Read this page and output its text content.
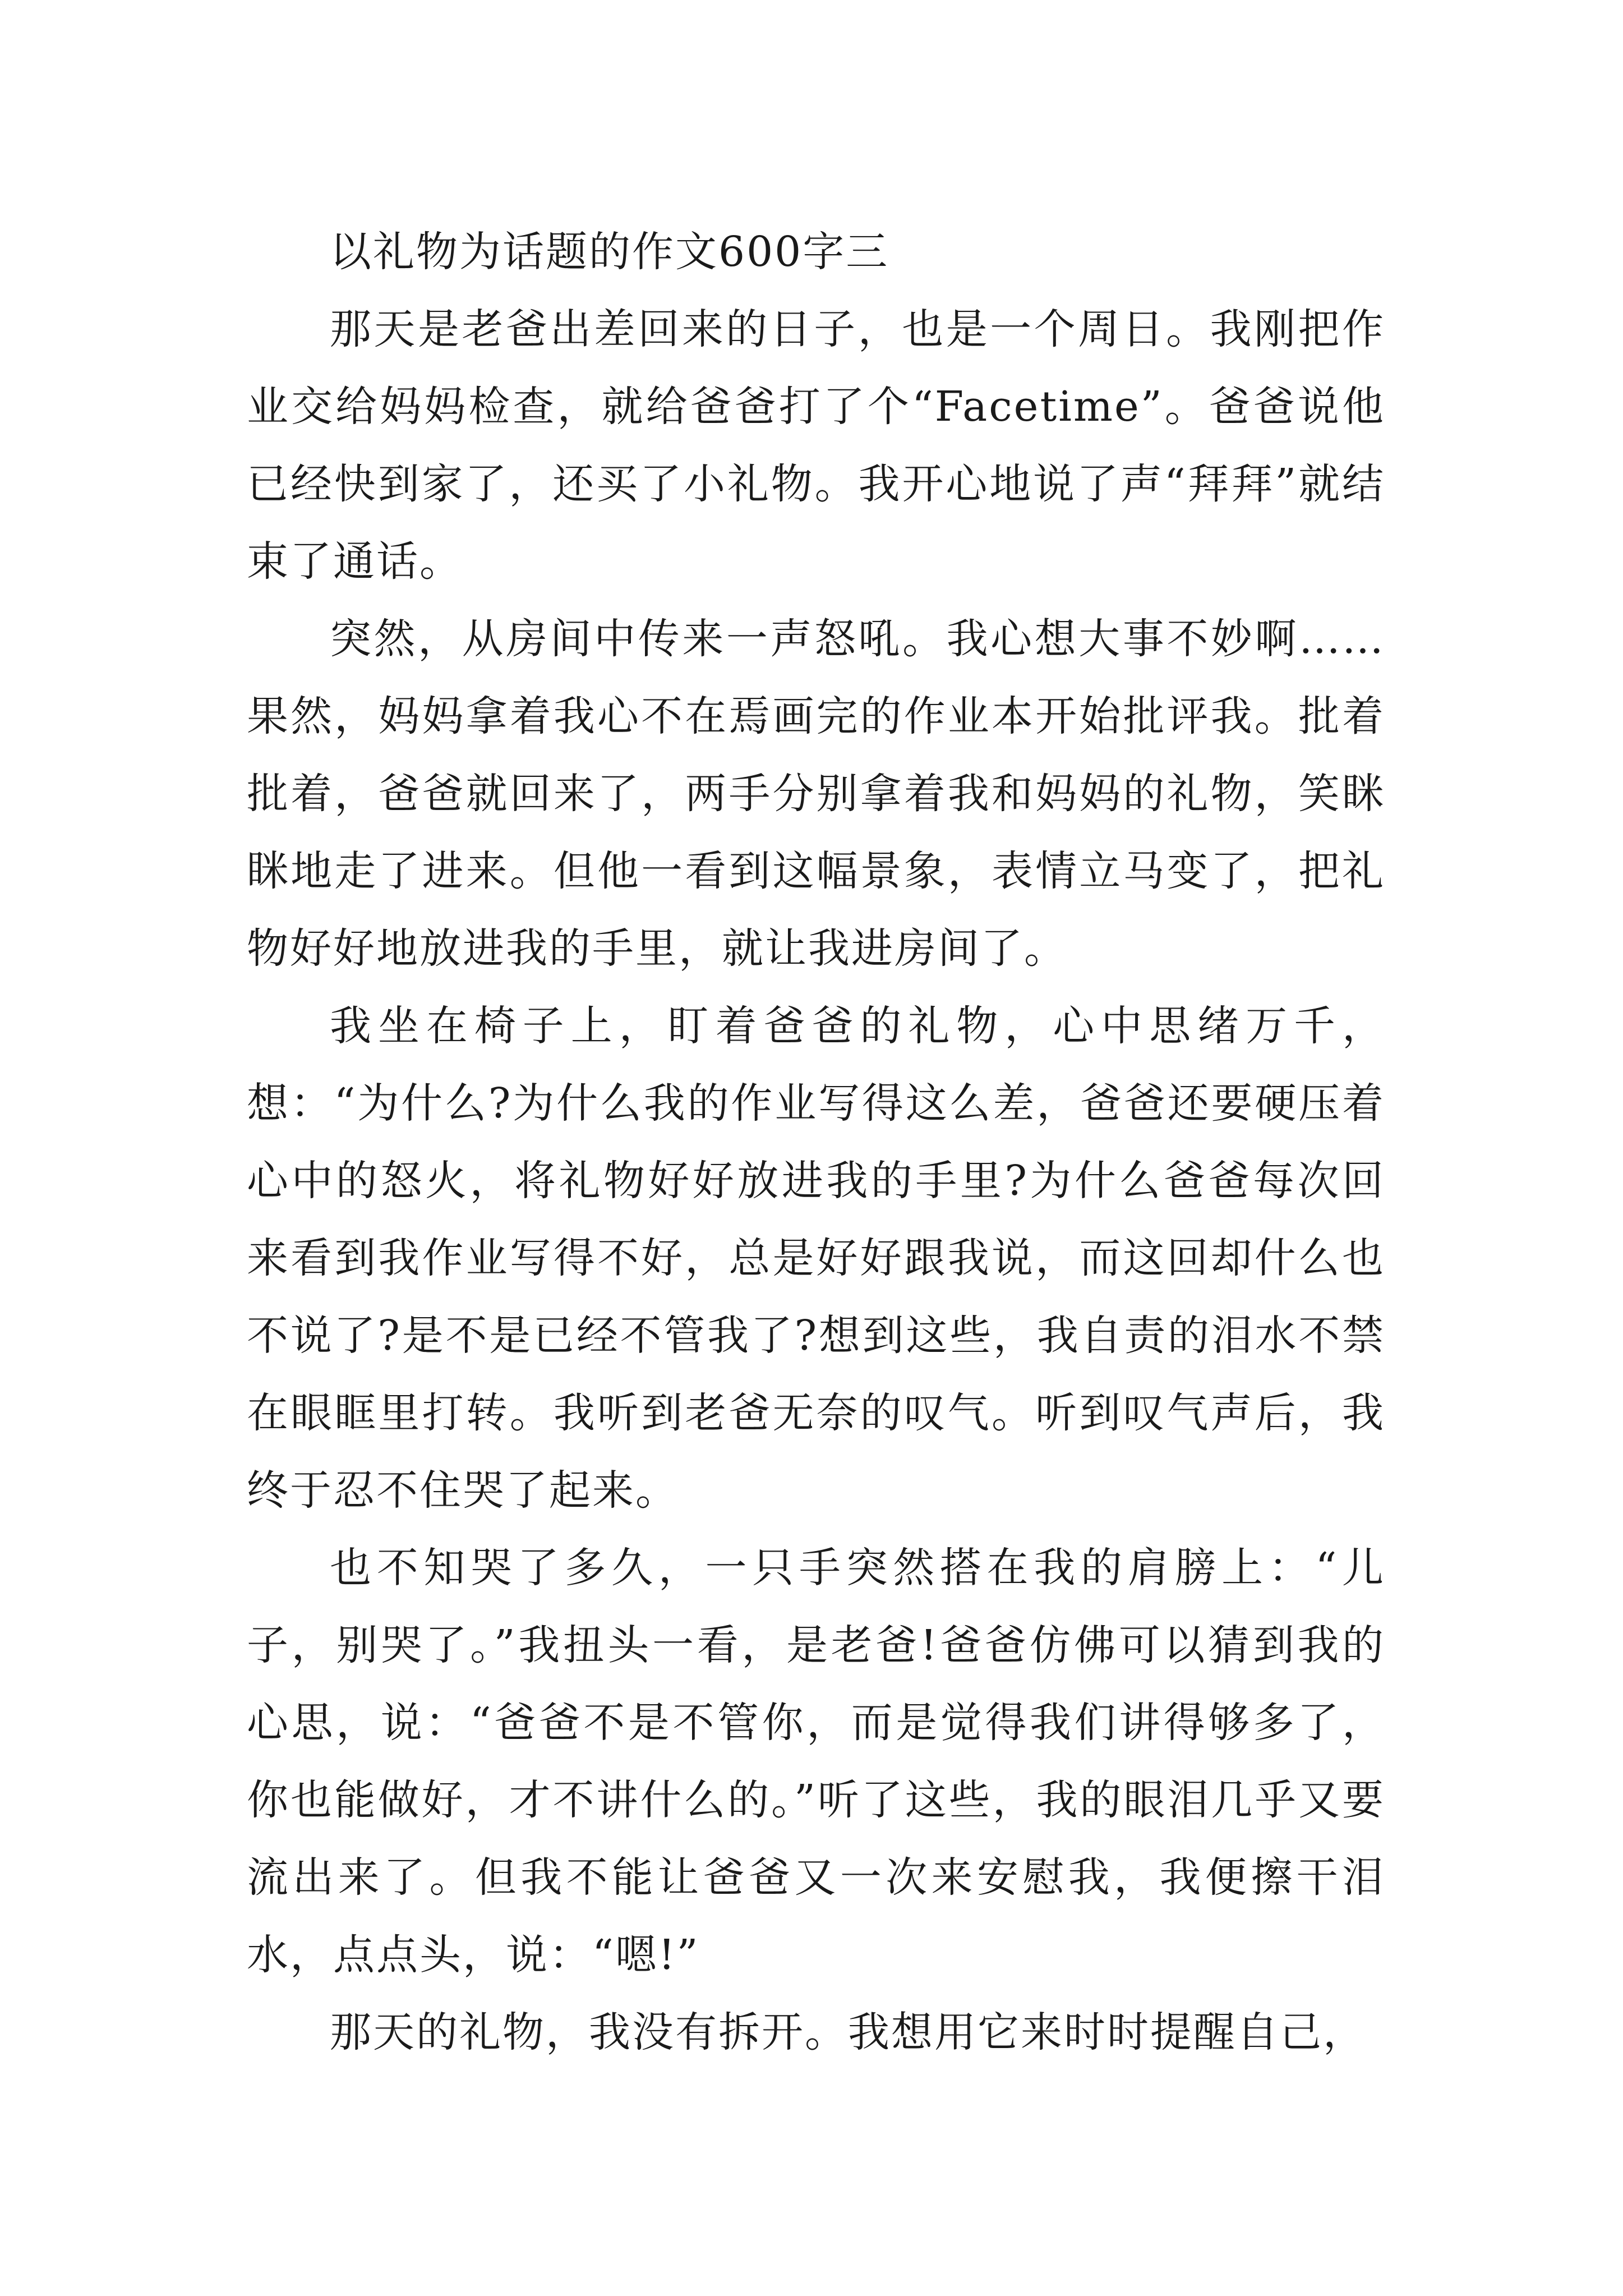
以礼物为话题的作文600字三

那天是老爸出差回来的日子，也是一个周日。我刚把作业交给妈妈检查，就给爸爸打了个“Facetime”。爸爸说他已经快到家了，还买了小礼物。我开心地说了声“拜拜”就结束了通话。

突然，从房间中传来一声怒吼。我心想大事不妙啊……果然，妈妈拿着我心不在焉画完的作业本开始批评我。批着批着，爸爸就回来了，两手分别拿着我和妈妈的礼物，笑眯眯地走了进来。但他一看到这幅景象，表情立马变了，把礼物好好地放进我的手里，就让我进房间了。

我坐在椅子上，盯着爸爸的礼物，心中思绪万千，想：“为什么?为什么我的作业写得这么差，爸爸还要硬压着心中的怒火，将礼物好好放进我的手里?为什么爸爸每次回来看到我作业写得不好，总是好好跟我说，而这回却什么也不说了?是不是已经不管我了?想到这些，我自责的泪水不禁在眼眶里打转。我听到老爸无奈的叹气。听到叹气声后，我终于忍不住哭了起来。

也不知哭了多久，一只手突然搭在我的肩膀上：“儿子，别哭了。”我扭头一看，是老爸!爸爸仿佛可以猜到我的心思，说：“爸爸不是不管你，而是觉得我们讲得够多了，你也能做好，才不讲什么的。”听了这些，我的眼泪几乎又要流出来了。但我不能让爸爸又一次来安慰我，我便擦干泪水，点点头，说：“嗯!”

那天的礼物，我没有拆开。我想用它来时时提醒自己，
